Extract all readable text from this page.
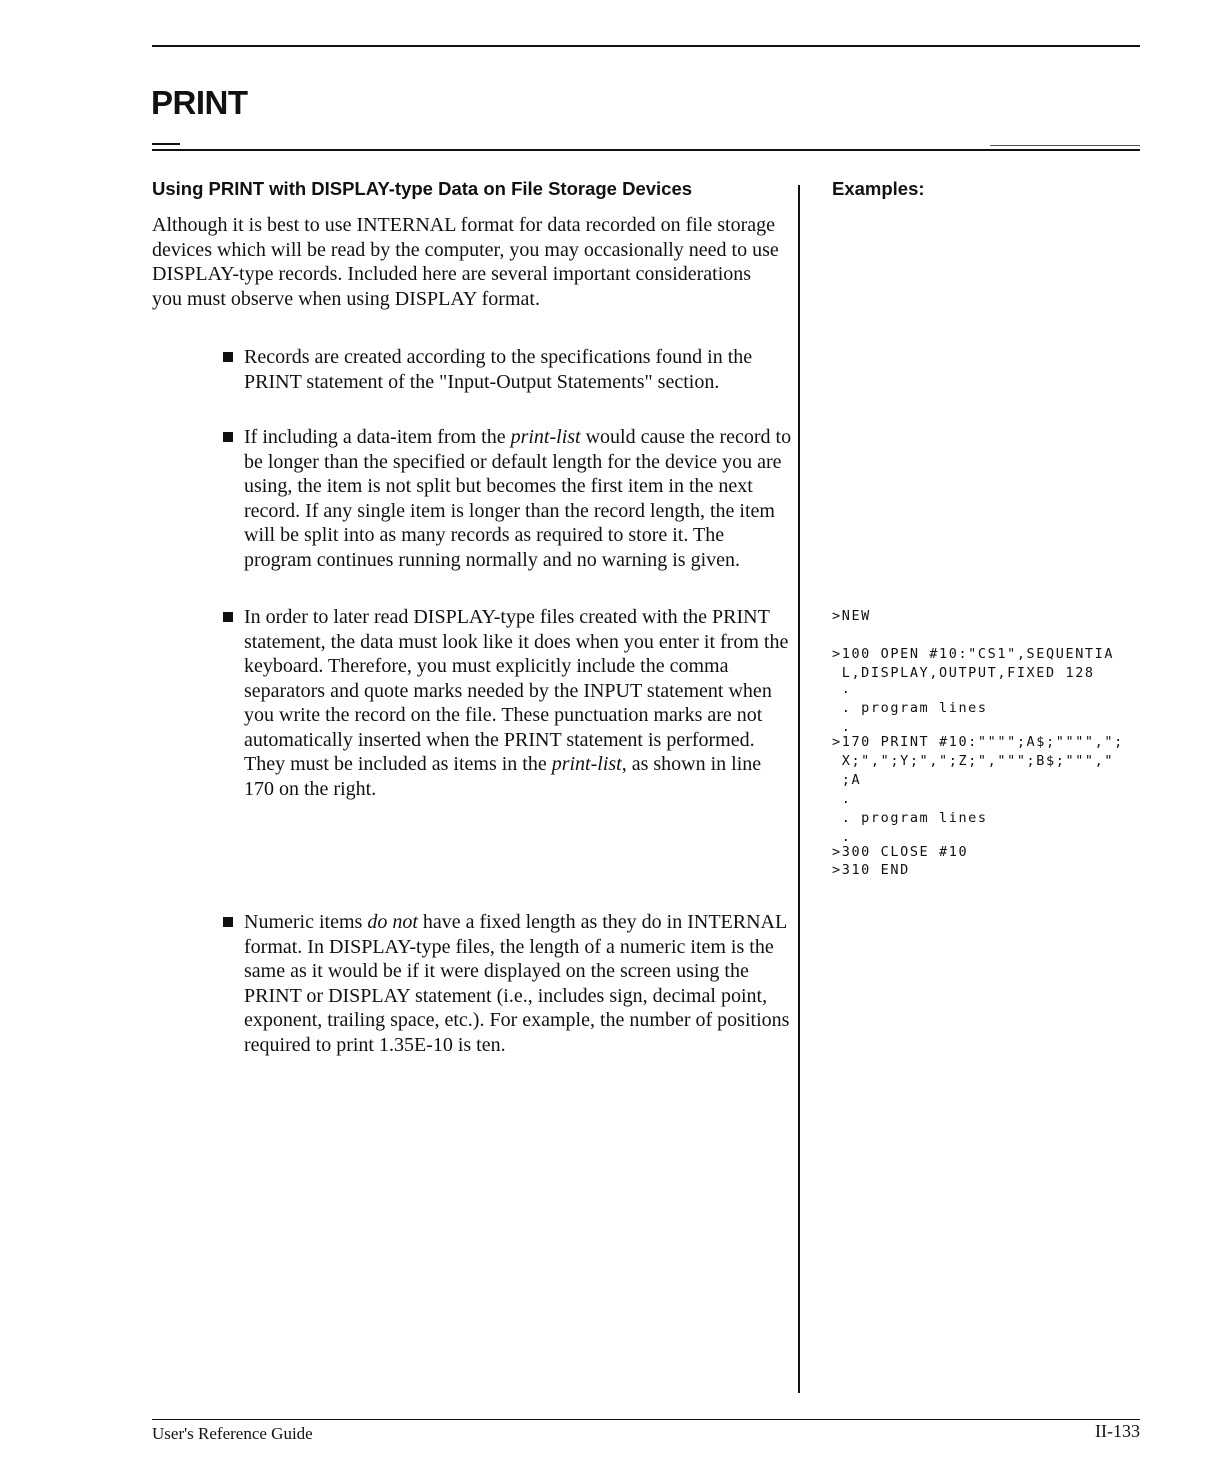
PRINT
Using PRINT with DISPLAY-type Data on File Storage Devices	Examples:

Although it is best to use INTERNAL format for data recorded on file storage devices which will be read by the computer, you may occasionally need to use DISPLAY-type records. Included here are several important considerations you must observe when using DISPLAY format.

Records are created according to the specifications found in the PRINT statement of the "Input-Output Statements" section.

If including a data-item from the print-list would cause the record to be longer than the specified or default length for the device you are using, the item is not split but becomes the first item in the next record. If any single item is longer than the record length, the item will be split into as many records as required to store it. The program continues running normally and no warning is given.

In order to later read DISPLAY-type files created with the PRINT statement, the data must look like it does when you enter it from the keyboard. Therefore, you must explicitly include the comma separators and quote marks needed by the INPUT statement when you write the record on the file. These punctuation marks are not automatically inserted when the PRINT statement is performed. They must be included as items in the print-list, as shown in line 170 on the right.

Numeric items do not have a fixed length as they do in INTERNAL format. In DISPLAY-type files, the length of a numeric item is the same as it would be if it were displayed on the screen using the PRINT or DISPLAY statement (i.e., includes sign, decimal point, exponent, trailing space, etc.). For example, the number of positions required to print 1.35E-10 is ten.

>NEW
>100 OPEN #10:"CS1",SEQUENTIA
L,DISPLAY,OUTPUT,FIXED 128
.
. program lines
.
>170 PRINT #10:"""";A$;"""",";
X;",";Y;",";Z;",""";B$;""","
;A
.
. program lines
.
>300 CLOSE #10
>310 END

User's Reference Guide	II-133
